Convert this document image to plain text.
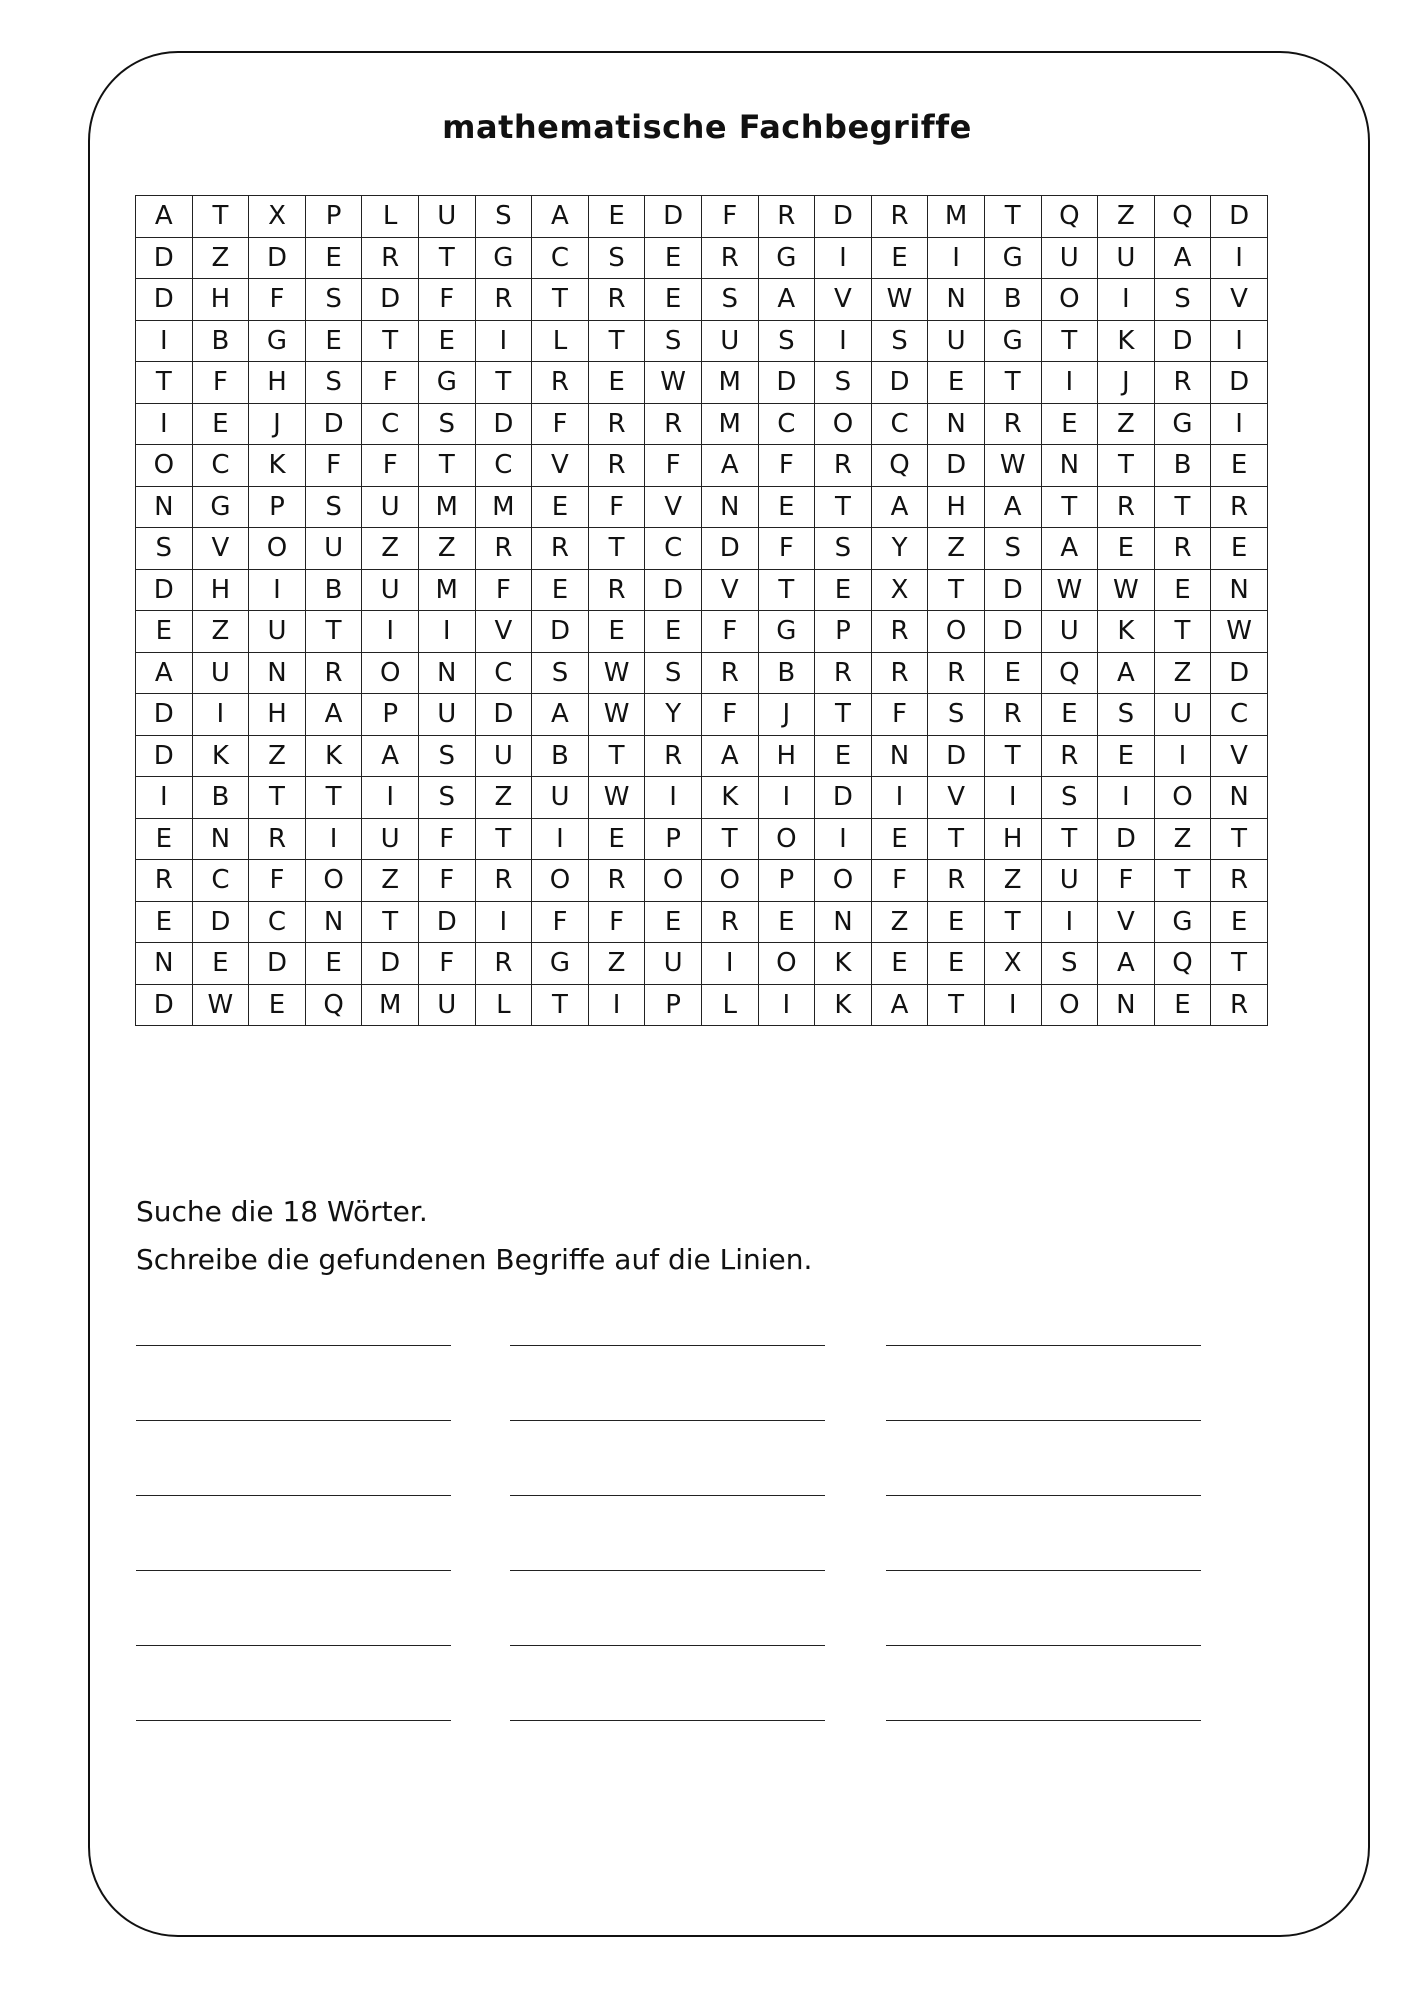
mathematische Fachbegriffe
A	T	X	P	L	U	S	A	E	D	F	R	D	R	M	T	Q	Z	Q	D
D	Z	D	E	R	T	G	C	S	E	R	G	I	E	I	G	U	U	A	I
D	H	F	S	D	F	R	T	R	E	S	A	V	W	N	B	O	I	S	V
I	B	G	E	T	E	I	L	T	S	U	S	I	S	U	G	T	K	D	I
T	F	H	S	F	G	T	R	E	W	M	D	S	D	E	T	I	J	R	D
I	E	J	D	C	S	D	F	R	R	M	C	O	C	N	R	E	Z	G	I
O	C	K	F	F	T	C	V	R	F	A	F	R	Q	D	W	N	T	B	E
N	G	P	S	U	M	M	E	F	V	N	E	T	A	H	A	T	R	T	R
S	V	O	U	Z	Z	R	R	T	C	D	F	S	Y	Z	S	A	E	R	E
D	H	I	B	U	M	F	E	R	D	V	T	E	X	T	D	W	W	E	N
E	Z	U	T	I	I	V	D	E	E	F	G	P	R	O	D	U	K	T	W
A	U	N	R	O	N	C	S	W	S	R	B	R	R	R	E	Q	A	Z	D
D	I	H	A	P	U	D	A	W	Y	F	J	T	F	S	R	E	S	U	C
D	K	Z	K	A	S	U	B	T	R	A	H	E	N	D	T	R	E	I	V
I	B	T	T	I	S	Z	U	W	I	K	I	D	I	V	I	S	I	O	N
E	N	R	I	U	F	T	I	E	P	T	O	I	E	T	H	T	D	Z	T
R	C	F	O	Z	F	R	O	R	O	O	P	O	F	R	Z	U	F	T	R
E	D	C	N	T	D	I	F	F	E	R	E	N	Z	E	T	I	V	G	E
N	E	D	E	D	F	R	G	Z	U	I	O	K	E	E	X	S	A	Q	T
D	W	E	Q	M	U	L	T	I	P	L	I	K	A	T	I	O	N	E	R
Suche die 18 Wörter.
Schreibe die gefundenen Begriffe auf die Linien.
